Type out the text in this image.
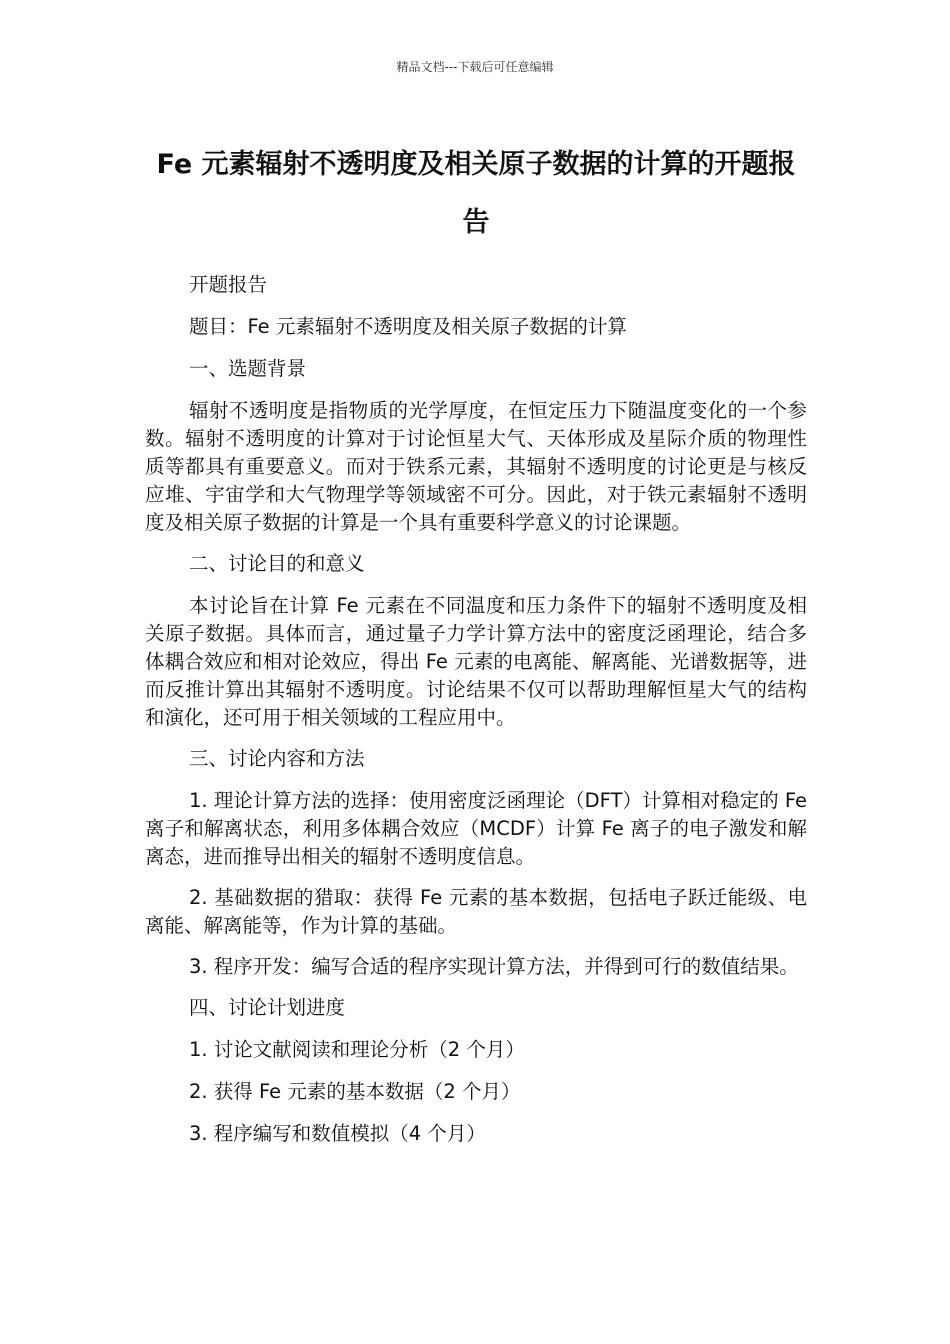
精品文档---下载后可任意编辑
Fe 元素辐射不透明度及相关原子数据的计算的开题报告

开题报告

题目：Fe 元素辐射不透明度及相关原子数据的计算

一、选题背景

辐射不透明度是指物质的光学厚度，在恒定压力下随温度变化的一个参数。辐射不透明度的计算对于讨论恒星大气、天体形成及星际介质的物理性质等都具有重要意义。而对于铁系元素，其辐射不透明度的讨论更是与核反应堆、宇宙学和大气物理学等领域密不可分。因此，对于铁元素辐射不透明度及相关原子数据的计算是一个具有重要科学意义的讨论课题。

二、讨论目的和意义

本讨论旨在计算 Fe 元素在不同温度和压力条件下的辐射不透明度及相关原子数据。具体而言，通过量子力学计算方法中的密度泛函理论，结合多体耦合效应和相对论效应，得出 Fe 元素的电离能、解离能、光谱数据等，进而反推计算出其辐射不透明度。讨论结果不仅可以帮助理解恒星大气的结构和演化，还可用于相关领域的工程应用中。

三、讨论内容和方法

1. 理论计算方法的选择：使用密度泛函理论（DFT）计算相对稳定的 Fe 离子和解离状态，利用多体耦合效应（MCDF）计算 Fe 离子的电子激发和解离态，进而推导出相关的辐射不透明度信息。

2. 基础数据的猎取：获得 Fe 元素的基本数据，包括电子跃迁能级、电离能、解离能等，作为计算的基础。

3. 程序开发：编写合适的程序实现计算方法，并得到可行的数值结果。

四、讨论计划进度

1. 讨论文献阅读和理论分析（2 个月）

2. 获得 Fe 元素的基本数据（2 个月）

3. 程序编写和数值模拟（4 个月）
